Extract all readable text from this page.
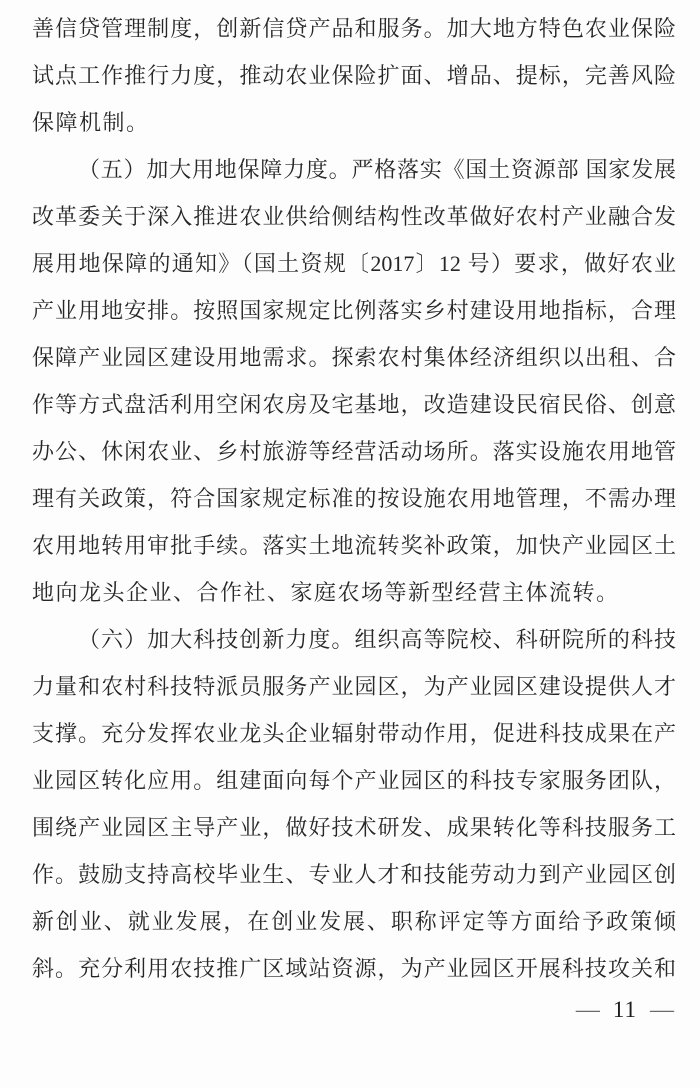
善信贷管理制度，创新信贷产品和服务。加大地方特色农业保险
试点工作推行力度，推动农业保险扩面、增品、提标，完善风险
保障机制。
（五）加大用地保障力度。严格落实《国土资源部 国家发展
改革委关于深入推进农业供给侧结构性改革做好农村产业融合发
展用地保障的通知》（国土资规〔2017〕12 号）要求，做好农业
产业用地安排。按照国家规定比例落实乡村建设用地指标，合理
保障产业园区建设用地需求。探索农村集体经济组织以出租、合
作等方式盘活利用空闲农房及宅基地，改造建设民宿民俗、创意
办公、休闲农业、乡村旅游等经营活动场所。落实设施农用地管
理有关政策，符合国家规定标准的按设施农用地管理，不需办理
农用地转用审批手续。落实土地流转奖补政策，加快产业园区土
地向龙头企业、合作社、家庭农场等新型经营主体流转。
（六）加大科技创新力度。组织高等院校、科研院所的科技
力量和农村科技特派员服务产业园区，为产业园区建设提供人才
支撑。充分发挥农业龙头企业辐射带动作用，促进科技成果在产
业园区转化应用。组建面向每个产业园区的科技专家服务团队，
围绕产业园区主导产业，做好技术研发、成果转化等科技服务工
作。鼓励支持高校毕业生、专业人才和技能劳动力到产业园区创
新创业、就业发展，在创业发展、职称评定等方面给予政策倾
斜。充分利用农技推广区域站资源，为产业园区开展科技攻关和
— 11 —
